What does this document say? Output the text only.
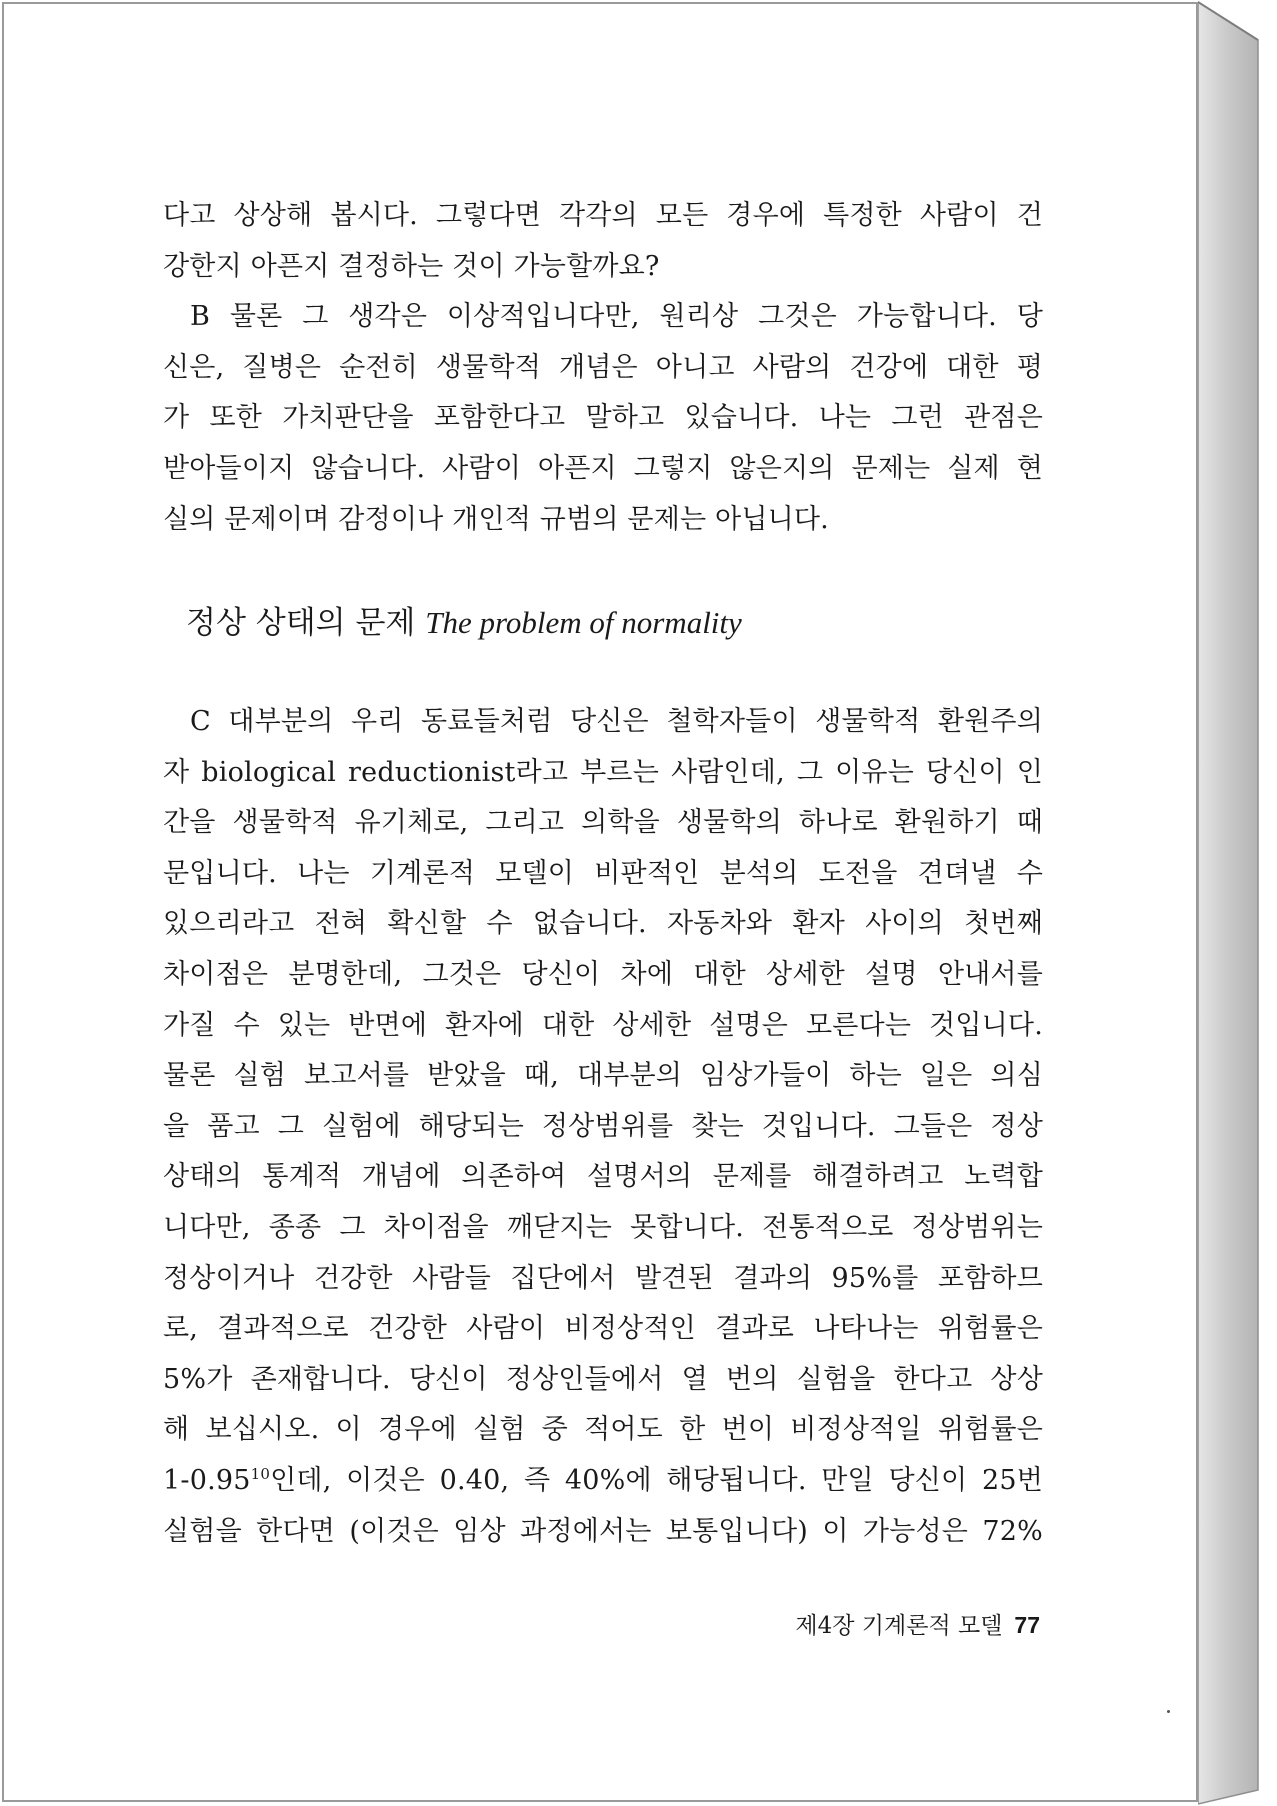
다고 상상해 봅시다. 그렇다면 각각의 모든 경우에 특정한 사람이 건
강한지 아픈지 결정하는 것이 가능할까요?
B 물론 그 생각은 이상적입니다만, 원리상 그것은 가능합니다. 당
신은, 질병은 순전히 생물학적 개념은 아니고 사람의 건강에 대한 평
가 또한 가치판단을 포함한다고 말하고 있습니다. 나는 그런 관점은
받아들이지 않습니다. 사람이 아픈지 그렇지 않은지의 문제는 실제 현
실의 문제이며 감정이나 개인적 규범의 문제는 아닙니다.
정상 상태의 문제 The problem of normality
C 대부분의 우리 동료들처럼 당신은 철학자들이 생물학적 환원주의
자 biological reductionist라고 부르는 사람인데, 그 이유는 당신이 인
간을 생물학적 유기체로, 그리고 의학을 생물학의 하나로 환원하기 때
문입니다. 나는 기계론적 모델이 비판적인 분석의 도전을 견뎌낼 수
있으리라고 전혀 확신할 수 없습니다. 자동차와 환자 사이의 첫번째
차이점은 분명한데, 그것은 당신이 차에 대한 상세한 설명 안내서를
가질 수 있는 반면에 환자에 대한 상세한 설명은 모른다는 것입니다.
물론 실험 보고서를 받았을 때, 대부분의 임상가들이 하는 일은 의심
을 품고 그 실험에 해당되는 정상범위를 찾는 것입니다. 그들은 정상
상태의 통계적 개념에 의존하여 설명서의 문제를 해결하려고 노력합
니다만, 종종 그 차이점을 깨닫지는 못합니다. 전통적으로 정상범위는
정상이거나 건강한 사람들 집단에서 발견된 결과의 95%를 포함하므
로, 결과적으로 건강한 사람이 비정상적인 결과로 나타나는 위험률은
5%가 존재합니다. 당신이 정상인들에서 열 번의 실험을 한다고 상상
해 보십시오. 이 경우에 실험 중 적어도 한 번이 비정상적일 위험률은
1-0.95$^{10}$인데, 이것은 0.40, 즉 40%에 해당됩니다. 만일 당신이 25번
실험을 한다면 (이것은 임상 과정에서는 보통입니다) 이 가능성은 72%
제4장 기계론적 모델 77
